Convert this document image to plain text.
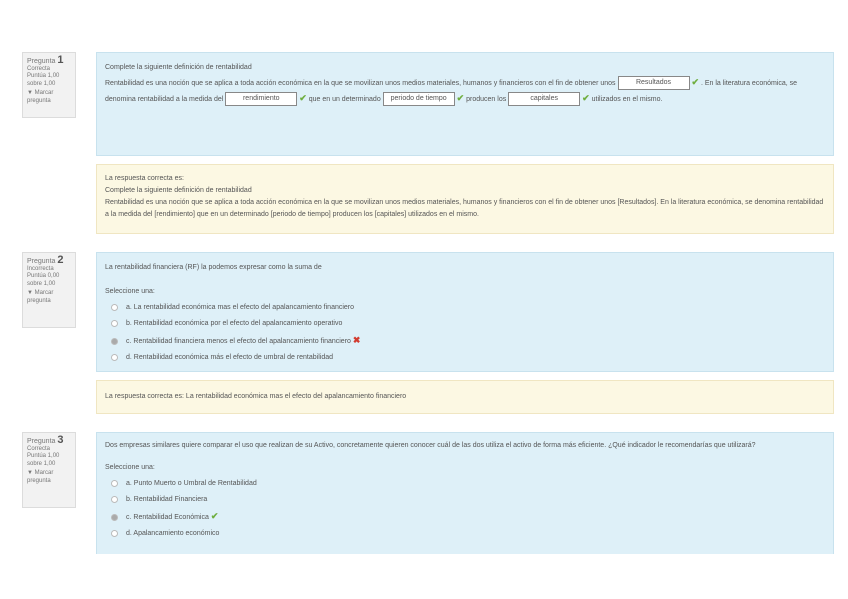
Pregunta 1
Correcta
Puntúa 1,00 sobre 1,00
▼ Marcar pregunta
Complete la siguiente definición de rentabilidad
Rentabilidad es una noción que se aplica a toda acción económica en la que se movilizan unos medios materiales, humanos y financieros con el fin de obtener unos	Resultados ✔ . En la literatura económica, se denomina rentabilidad a la medida del	rendimiento ✔ que en un determinado periodo de tiempo ✔ producen los	capitales	✔ utilizados en el mismo.
La respuesta correcta es:
Complete la siguiente definición de rentabilidad
Rentabilidad es una noción que se aplica a toda acción económica en la que se movilizan unos medios materiales, humanos y financieros con el fin de obtener unos [Resultados]. En la literatura económica, se denomina rentabilidad a la medida del [rendimiento] que en un determinado [periodo de tiempo] producen los [capitales] utilizados en el mismo.
Pregunta 2
Incorrecta
Puntúa 0,00 sobre 1,00
▼ Marcar pregunta
La rentabilidad financiera (RF) la podemos expresar como la suma de
Seleccione una:
a. La rentabilidad económica mas el efecto del apalancamiento financiero
b. Rentabilidad económica por el efecto del apalancamiento operativo
c. Rentabilidad financiera menos el efecto del apalancamiento financiero ✖
d. Rentabilidad económica más el efecto de umbral de rentabilidad
La respuesta correcta es: La rentabilidad económica mas el efecto del apalancamiento financiero
Pregunta 3
Correcta
Puntúa 1,00 sobre 1,00
▼ Marcar pregunta
Dos empresas similares quiere comparar el uso que realizan de su Activo, concretamente quieren conocer cuál de las dos utiliza el activo de forma más eficiente. ¿Qué indicador le recomendarías que utilizará?
Seleccione una:
a. Punto Muerto o Umbral de Rentabilidad
b. Rentabilidad Financiera
c. Rentabilidad Económica ✔
d. Apalancamiento económico
